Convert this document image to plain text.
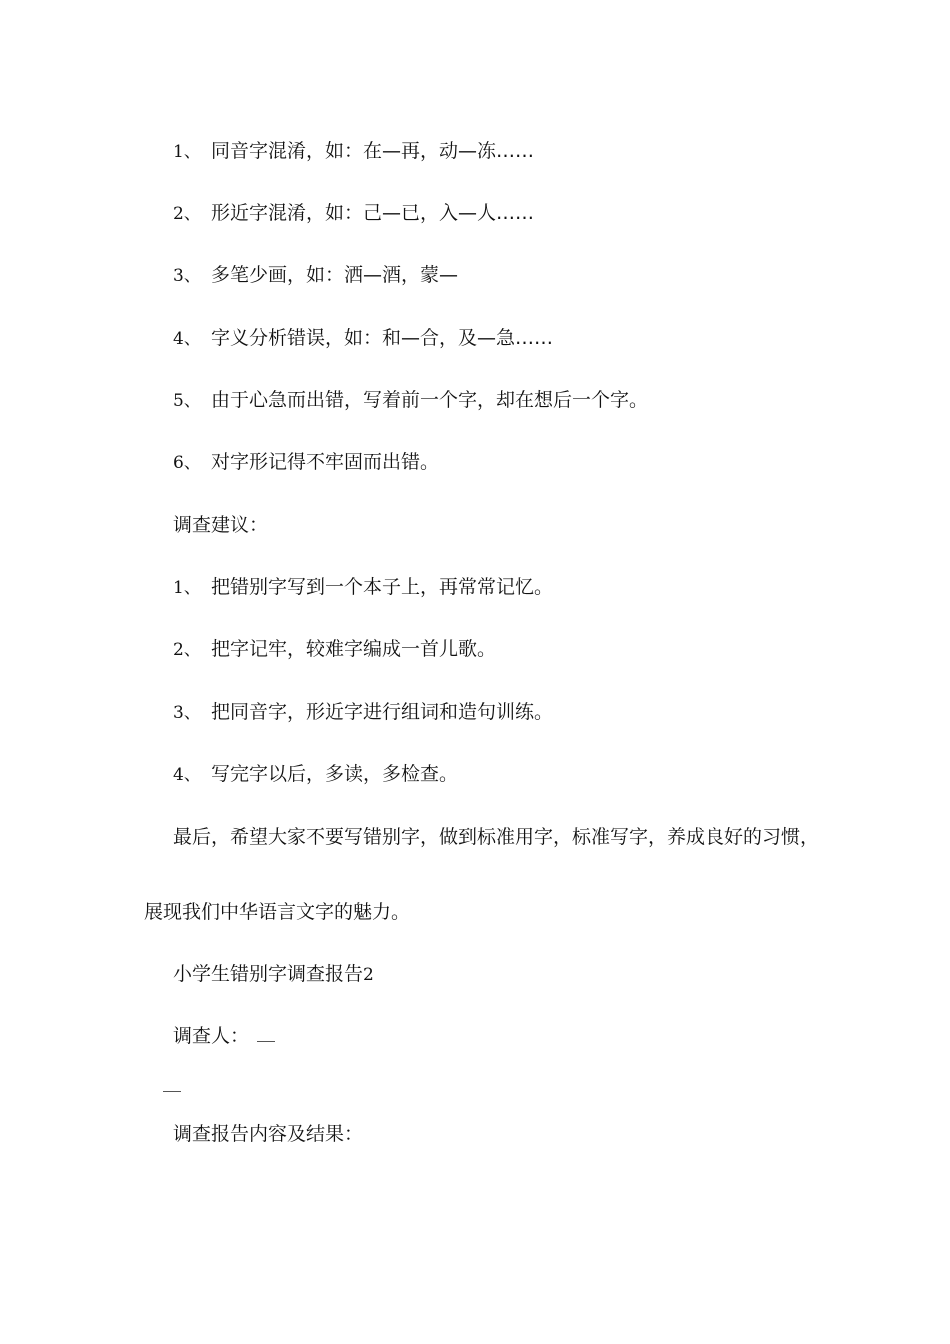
1、 同音字混淆，如：在—再，动—冻……
2、 形近字混淆，如：己—已，入—人……
3、 多笔少画，如：洒—酒，蒙—
4、 字义分析错误，如：和—合，及—急……
5、 由于心急而出错，写着前一个字，却在想后一个字。
6、 对字形记得不牢固而出错。
调查建议：
1、 把错别字写到一个本子上，再常常记忆。
2、 把字记牢，较难字编成一首儿歌。
3、 把同音字，形近字进行组词和造句训练。
4、 写完字以后，多读，多检查。
最后，希望大家不要写错别字，做到标准用字，标准写字，养成良好的习惯，
展现我们中华语言文字的魅力。
小学生错别字调查报告2
调查人：
调查报告内容及结果：
